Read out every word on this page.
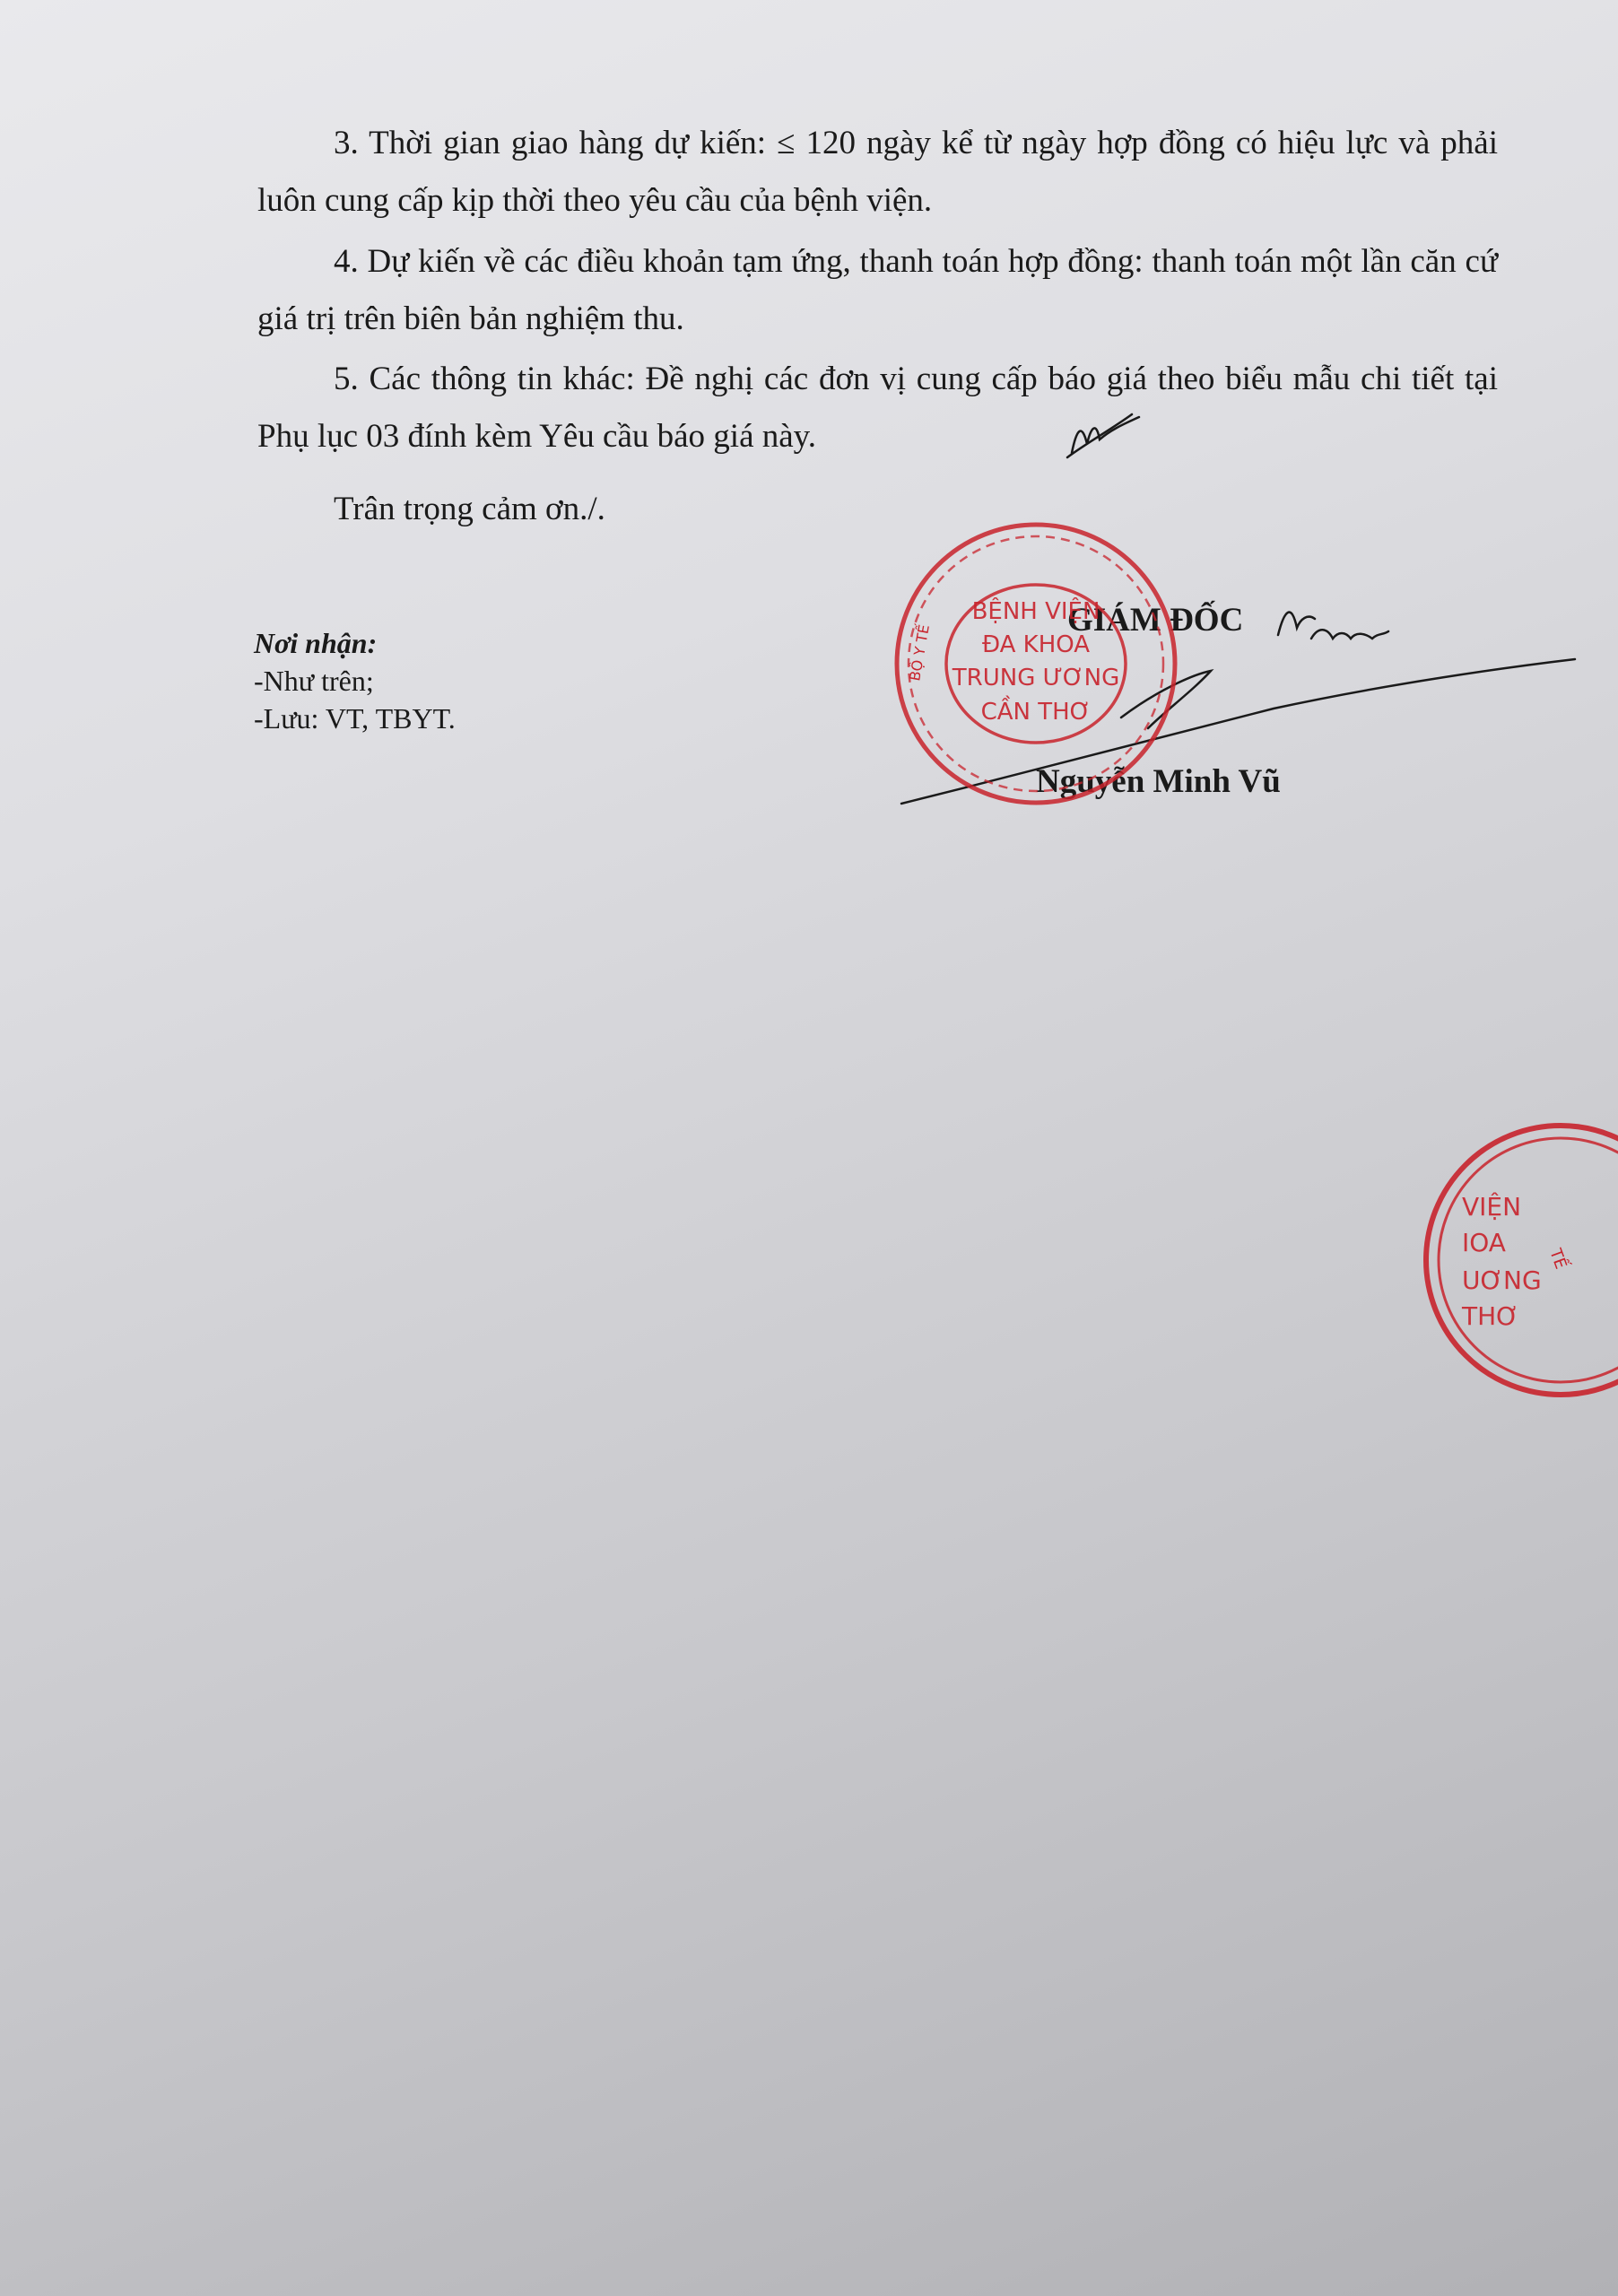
3. Thời gian giao hàng dự kiến: ≤ 120 ngày kể từ ngày hợp đồng có hiệu lực và phải luôn cung cấp kịp thời theo yêu cầu của bệnh viện.

4. Dự kiến về các điều khoản tạm ứng, thanh toán hợp đồng: thanh toán một lần căn cứ giá trị trên biên bản nghiệm thu.

5. Các thông tin khác: Đề nghị các đơn vị cung cấp báo giá theo biểu mẫu chi tiết tại Phụ lục 03 đính kèm Yêu cầu báo giá này.

Trân trọng cảm ơn./.

Nơi nhận:
-Như trên;
-Lưu: VT, TBYT.

GIÁM ĐỐC

Nguyễn Minh Vũ

BỆNH VIỆN
ĐA KHOA
TRUNG ƯƠNG
CẦN THƠ
BỘ Y TẾ
VIỆN
IOA
UƠNG
THƠ
TẾ
